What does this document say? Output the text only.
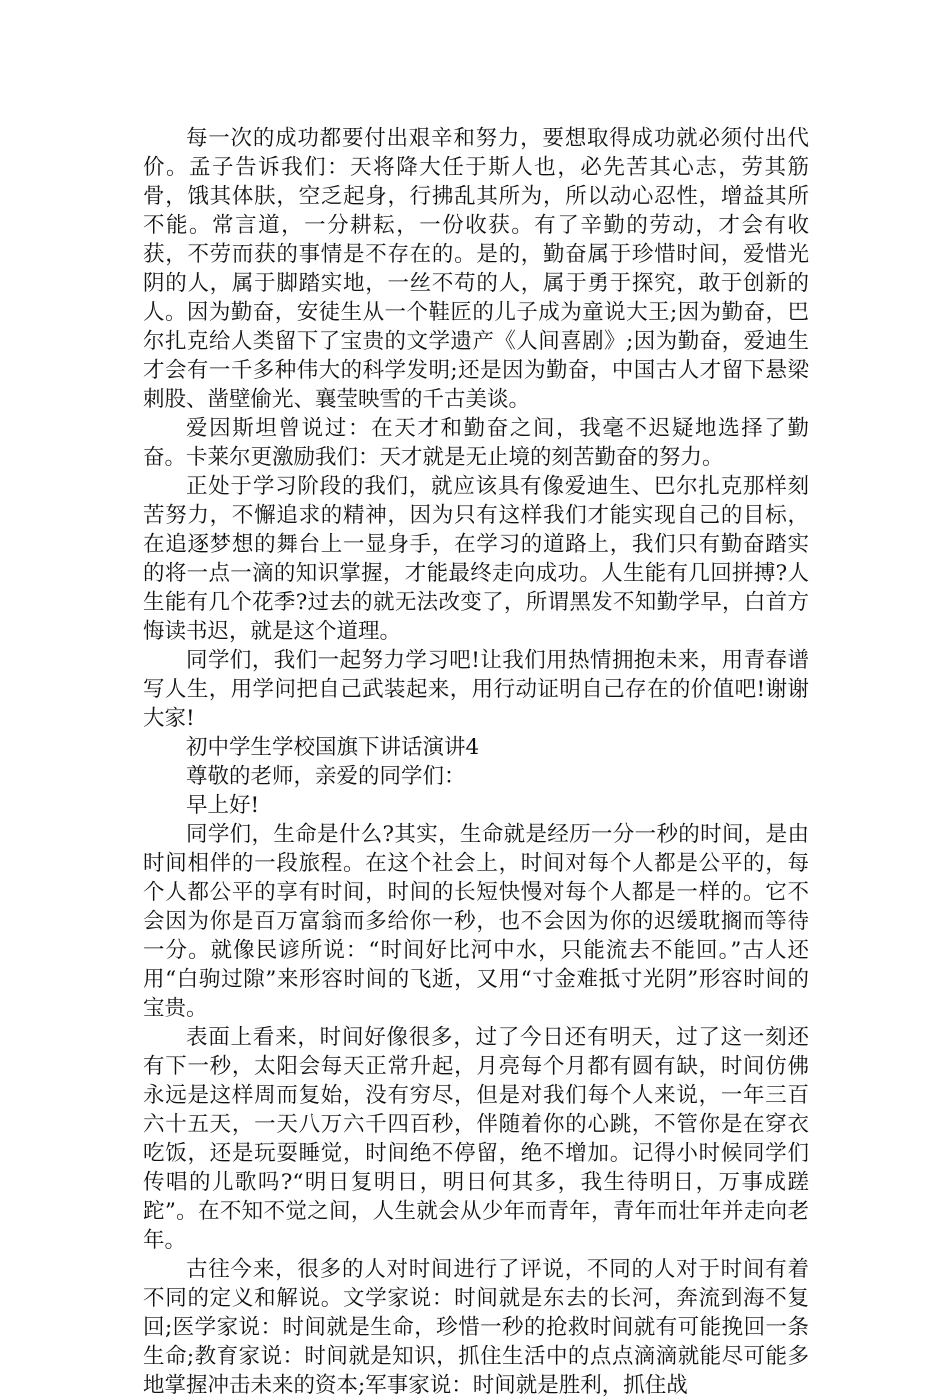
每一次的成功都要付出艰辛和努力，要想取得成功就必须付出代价。孟子告诉我们：天将降大任于斯人也，必先苦其心志，劳其筋骨，饿其体肤，空乏起身，行拂乱其所为，所以动心忍性，增益其所不能。常言道，一分耕耘，一份收获。有了辛勤的劳动，才会有收获，不劳而获的事情是不存在的。是的，勤奋属于珍惜时间，爱惜光阴的人，属于脚踏实地，一丝不苟的人，属于勇于探究，敢于创新的人。因为勤奋，安徒生从一个鞋匠的儿子成为童说大王;因为勤奋，巴尔扎克给人类留下了宝贵的文学遗产《人间喜剧》;因为勤奋，爱迪生才会有一千多种伟大的科学发明;还是因为勤奋，中国古人才留下悬梁刺股、凿壁偷光、襄莹映雪的千古美谈。

爱因斯坦曾说过：在天才和勤奋之间，我毫不迟疑地选择了勤奋。卡莱尔更激励我们：天才就是无止境的刻苦勤奋的努力。

正处于学习阶段的我们，就应该具有像爱迪生、巴尔扎克那样刻苦努力，不懈追求的精神，因为只有这样我们才能实现自己的目标，在追逐梦想的舞台上一显身手，在学习的道路上，我们只有勤奋踏实的将一点一滴的知识掌握，才能最终走向成功。人生能有几回拼搏?人生能有几个花季?过去的就无法改变了，所谓黑发不知勤学早，白首方悔读书迟，就是这个道理。

同学们，我们一起努力学习吧!让我们用热情拥抱未来，用青春谱写人生，用学问把自己武装起来，用行动证明自己存在的价值吧!谢谢大家!

初中学生学校国旗下讲话演讲4

尊敬的老师，亲爱的同学们：

早上好!

同学们，生命是什么?其实，生命就是经历一分一秒的时间，是由时间相伴的一段旅程。在这个社会上，时间对每个人都是公平的，每个人都公平的享有时间，时间的长短快慢对每个人都是一样的。它不会因为你是百万富翁而多给你一秒，也不会因为你的迟缓耽搁而等待一分。就像民谚所说：“时间好比河中水，只能流去不能回。”古人还用“白驹过隙”来形容时间的飞逝，又用“寸金难抵寸光阴”形容时间的宝贵。

表面上看来，时间好像很多，过了今日还有明天，过了这一刻还有下一秒，太阳会每天正常升起，月亮每个月都有圆有缺，时间仿佛永远是这样周而复始，没有穷尽，但是对我们每个人来说，一年三百六十五天，一天八万六千四百秒，伴随着你的心跳，不管你是在穿衣吃饭，还是玩耍睡觉，时间绝不停留，绝不增加。记得小时候同学们传唱的儿歌吗?“明日复明日，明日何其多，我生待明日，万事成蹉跎”。在不知不觉之间，人生就会从少年而青年，青年而壮年并走向老年。

古往今来，很多的人对时间进行了评说，不同的人对于时间有着不同的定义和解说。文学家说：时间就是东去的长河，奔流到海不复回;医学家说：时间就是生命，珍惜一秒的抢救时间就有可能挽回一条生命;教育家说：时间就是知识，抓住生活中的点点滴滴就能尽可能多地掌握冲击未来的资本;军事家说：时间就是胜利，抓住战
